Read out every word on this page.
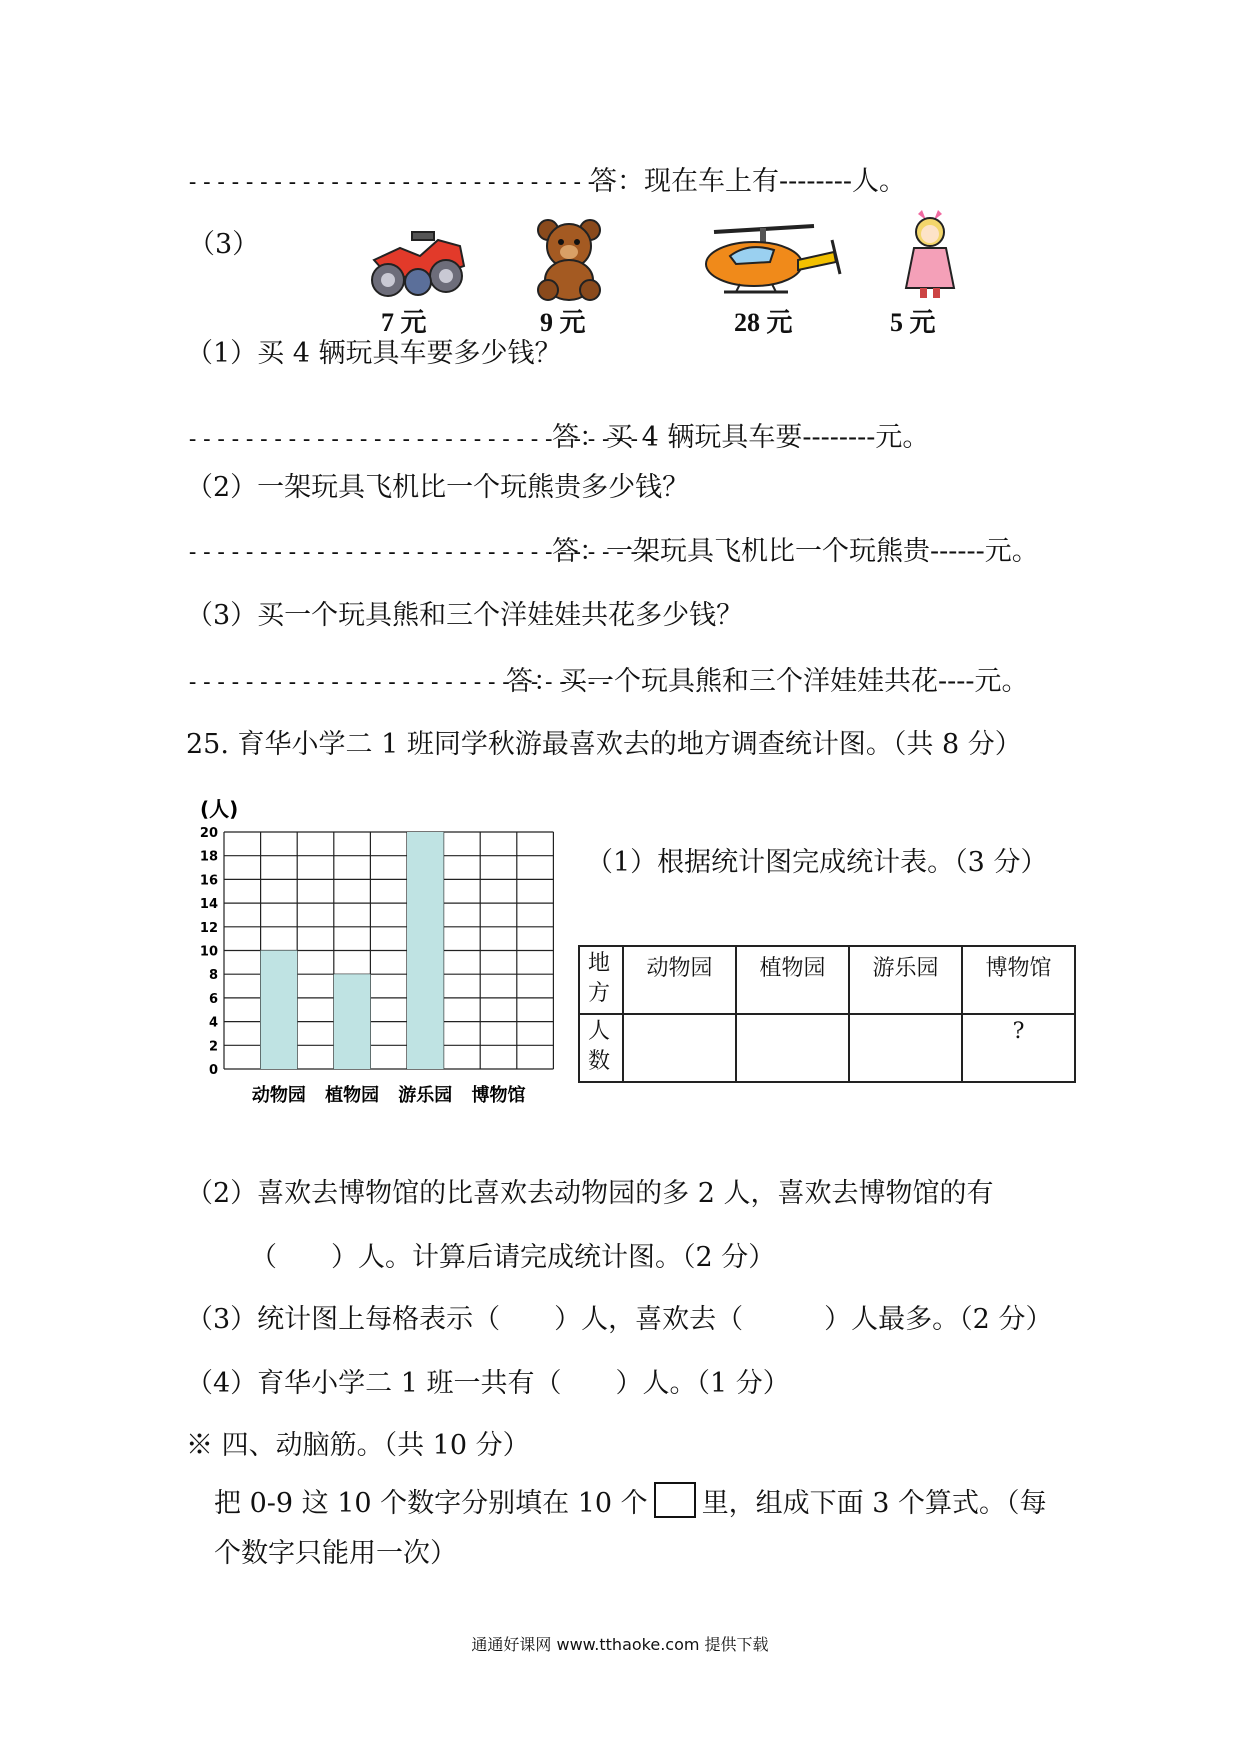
------------------------------
答：现在车上有--------人。
（3）
7 元	9 元	28 元	5 元
（1）买 4 辆玩具车要多少钱？
---------------------------------
答：买 4 辆玩具车要--------元。
（2）一架玩具飞机比一个玩熊贵多少钱？
---------------------------------
答：一架玩具飞机比一个玩熊贵------元。
（3）买一个玩具熊和三个洋娃娃共花多少钱？
------------------------------
答：买一个玩具熊和三个洋娃娃共花----元。
25. 育华小学二 1 班同学秋游最喜欢去的地方调查统计图。（共 8 分）
0
2
4
6
8
10
12
14
16
18
20
动物园 植物园 游乐园 博物馆
(人)
（1）根据统计图完成统计表。（3 分）
地方	动物园	植物园	游乐园	博物馆
人数				?
（2）喜欢去博物馆的比喜欢去动物园的多 2 人，喜欢去博物馆的有
（　　）人。计算后请完成统计图。（2 分）
（3）统计图上每格表示（　　）人，喜欢去（　　　）人最多。（2 分）
（4）育华小学二 1 班一共有（　　）人。（1 分）
※ 四、动脑筋。（共 10 分）
把 0-9 这 10 个数字分别填在 10 个 里，组成下面 3 个算式。（每
个数字只能用一次）
通通好课网 www.tthaoke.com 提供下载
